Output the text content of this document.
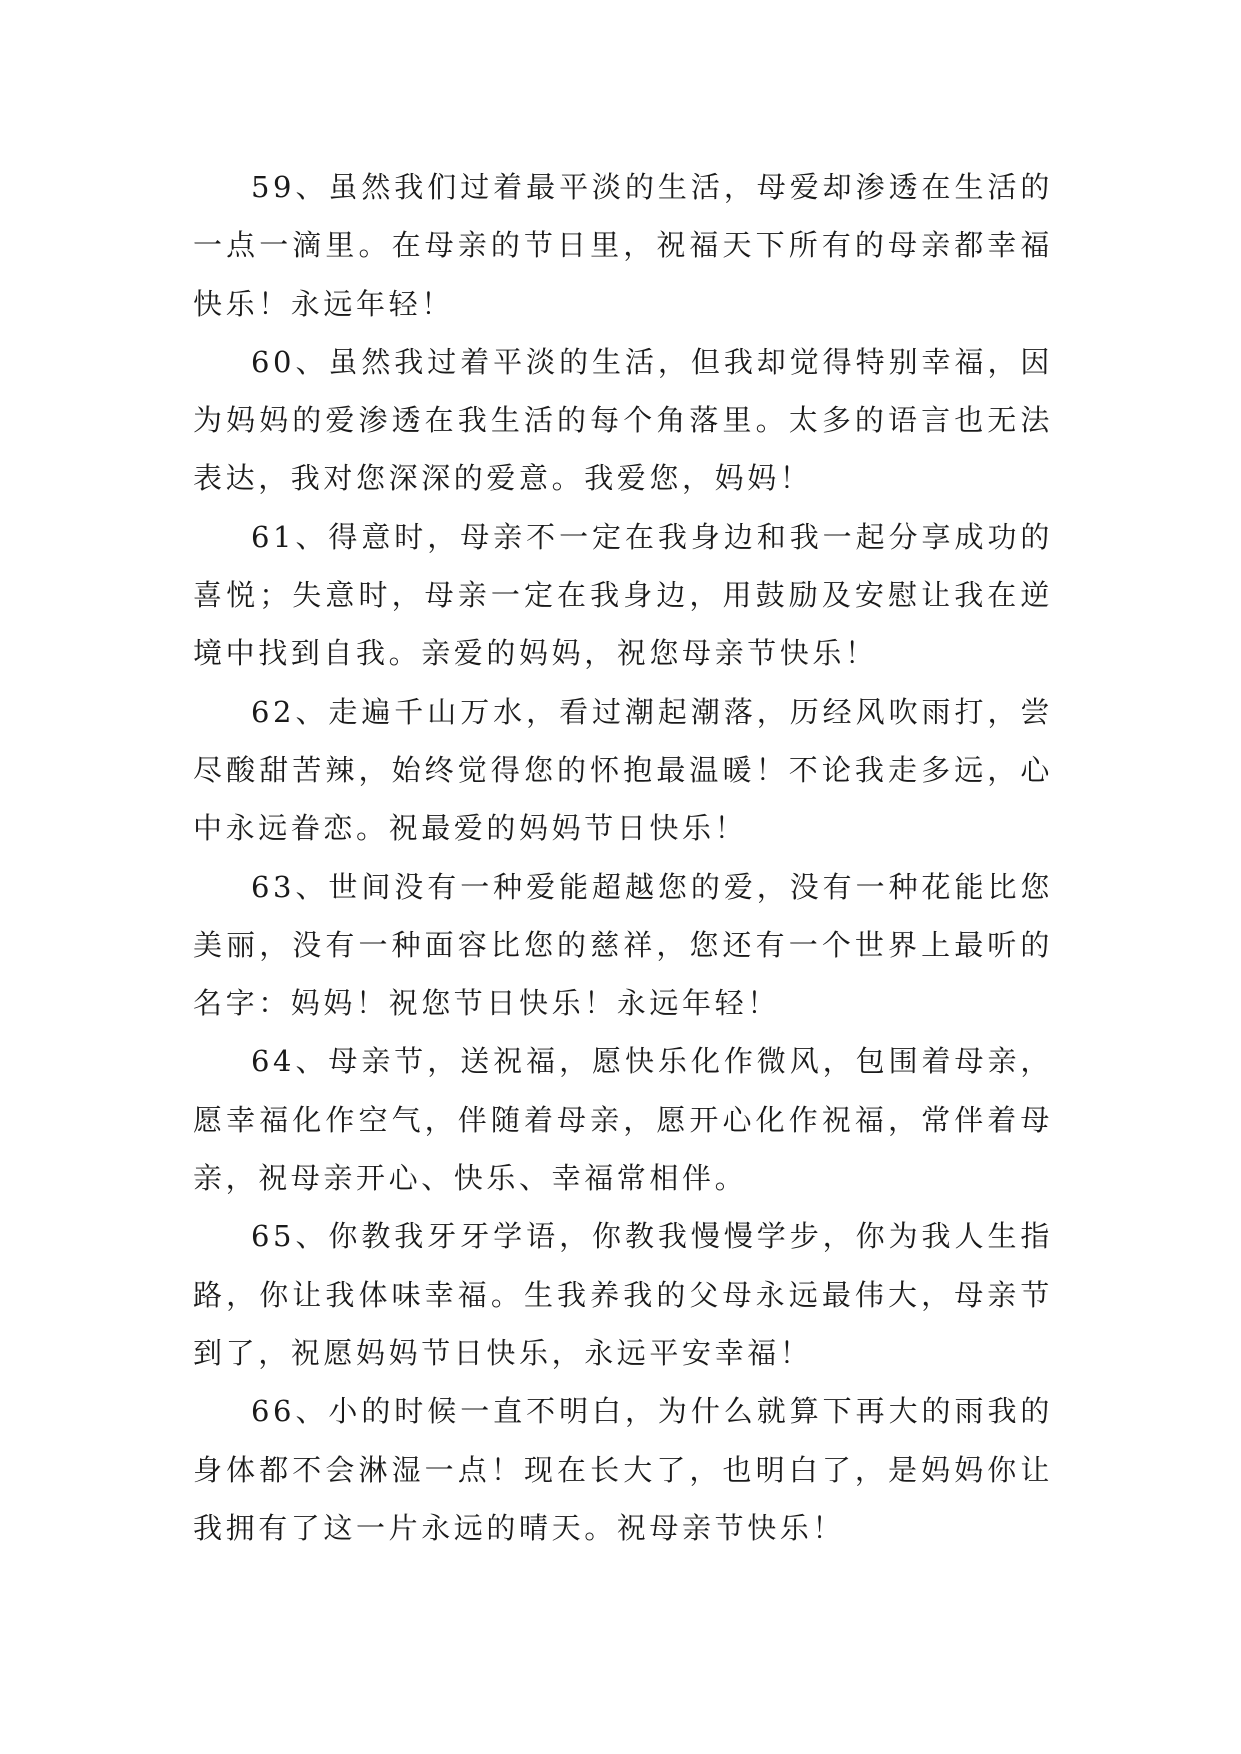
59、虽然我们过着最平淡的生活，母爱却渗透在生活的一点一滴里。在母亲的节日里，祝福天下所有的母亲都幸福快乐！永远年轻！

60、虽然我过着平淡的生活，但我却觉得特别幸福，因为妈妈的爱渗透在我生活的每个角落里。太多的语言也无法表达，我对您深深的爱意。我爱您，妈妈！

61、得意时，母亲不一定在我身边和我一起分享成功的喜悦；失意时，母亲一定在我身边，用鼓励及安慰让我在逆境中找到自我。亲爱的妈妈，祝您母亲节快乐！

62、走遍千山万水，看过潮起潮落，历经风吹雨打，尝尽酸甜苦辣，始终觉得您的怀抱最温暖！不论我走多远，心中永远眷恋。祝最爱的妈妈节日快乐！

63、世间没有一种爱能超越您的爱，没有一种花能比您美丽，没有一种面容比您的慈祥，您还有一个世界上最听的名字：妈妈！祝您节日快乐！永远年轻！

64、母亲节，送祝福，愿快乐化作微风，包围着母亲，愿幸福化作空气，伴随着母亲，愿开心化作祝福，常伴着母亲，祝母亲开心、快乐、幸福常相伴。

65、你教我牙牙学语，你教我慢慢学步，你为我人生指路，你让我体味幸福。生我养我的父母永远最伟大，母亲节到了，祝愿妈妈节日快乐，永远平安幸福！

66、小的时候一直不明白，为什么就算下再大的雨我的身体都不会淋湿一点！现在长大了，也明白了，是妈妈你让我拥有了这一片永远的晴天。祝母亲节快乐！
